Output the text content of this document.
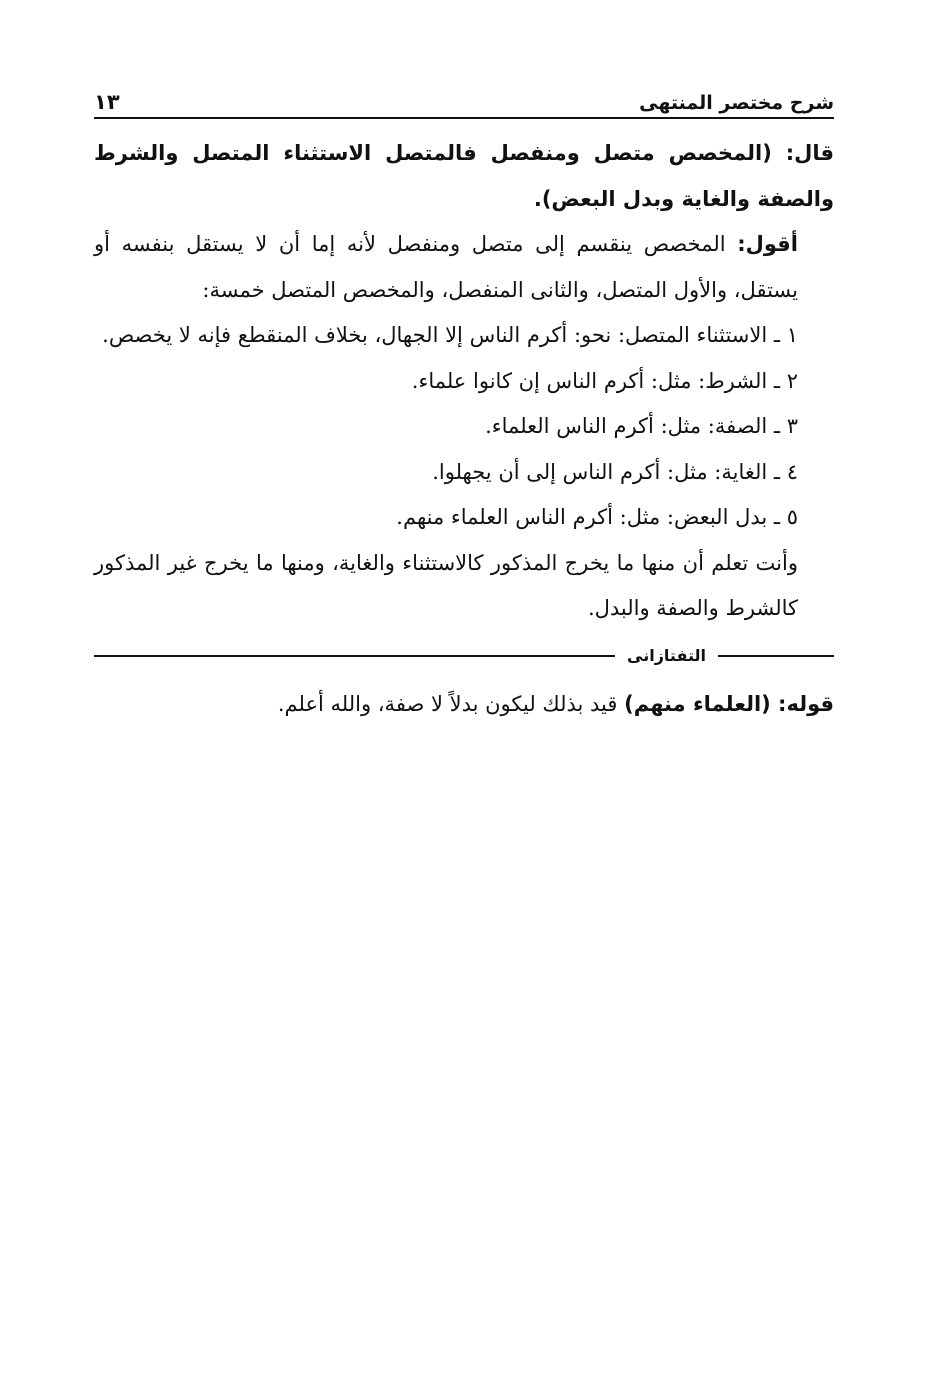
شرح مختصر المنتهى
١٣

قال: (المخصص متصل ومنفصل فالمتصل الاستثناء المتصل والشرط والصفة والغاية وبدل البعض).

أقول: المخصص ينقسم إلى متصل ومنفصل لأنه إما أن لا يستقل بنفسه أو يستقل، والأول المتصل، والثانى المنفصل، والمخصص المتصل خمسة:

١ ـ الاستثناء المتصل: نحو: أكرم الناس إلا الجهال، بخلاف المنقطع فإنه لا يخصص.

٢ ـ الشرط: مثل: أكرم الناس إن كانوا علماء.

٣ ـ الصفة: مثل: أكرم الناس العلماء.

٤ ـ الغاية: مثل: أكرم الناس إلى أن يجهلوا.

٥ ـ بدل البعض: مثل: أكرم الناس العلماء منهم.

وأنت تعلم أن منها ما يخرج المذكور كالاستثناء والغاية، ومنها ما يخرج غير المذكور كالشرط والصفة والبدل.

التفتازانى

قوله: (العلماء منهم) قيد بذلك ليكون بدلاً لا صفة، والله أعلم.
